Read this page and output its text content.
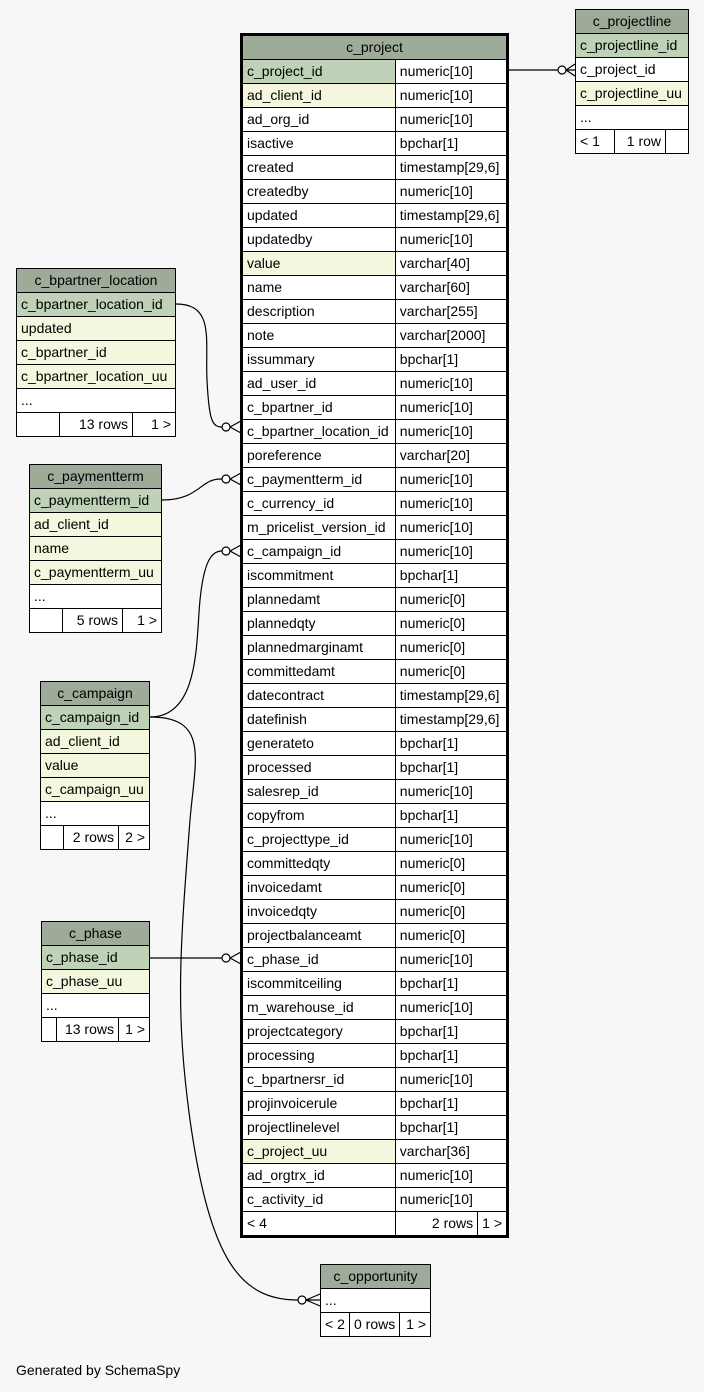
c_projectline
c_projectline_id
c_project_id
c_projectline_uu
...
< 1	1 row	
c_project		
c_project_id	numeric[10]	
ad_client_id	numeric[10]	
ad_org_id	numeric[10]	
isactive	bpchar[1]	
created	timestamp[29,6]	
createdby	numeric[10]	
updated	timestamp[29,6]	
updatedby	numeric[10]	
value	varchar[40]	
name	varchar[60]	
description	varchar[255]	
note	varchar[2000]	
issummary	bpchar[1]	
ad_user_id	numeric[10]	
c_bpartner_id	numeric[10]	
c_bpartner_location_id	numeric[10]	
poreference	varchar[20]	
c_paymentterm_id	numeric[10]	
c_currency_id	numeric[10]	
m_pricelist_version_id	numeric[10]	
c_campaign_id	numeric[10]	
iscommitment	bpchar[1]	
plannedamt	numeric[0]	
plannedqty	numeric[0]	
plannedmarginamt	numeric[0]	
committedamt	numeric[0]	
datecontract	timestamp[29,6]	
datefinish	timestamp[29,6]	
generateto	bpchar[1]	
processed	bpchar[1]	
salesrep_id	numeric[10]	
copyfrom	bpchar[1]	
c_projecttype_id	numeric[10]	
committedqty	numeric[0]	
invoicedamt	numeric[0]	
invoicedqty	numeric[0]	
projectbalanceamt	numeric[0]	
c_phase_id	numeric[10]	
iscommitceiling	bpchar[1]	
m_warehouse_id	numeric[10]	
projectcategory	bpchar[1]	
processing	bpchar[1]	
c_bpartnersr_id	numeric[10]	
projinvoicerule	bpchar[1]	
projectlinelevel	bpchar[1]	
c_project_uu	varchar[36]	
ad_orgtrx_id	numeric[10]	
c_activity_id	numeric[10]	
< 4	2 rows	1 >
c_bpartner_location
c_bpartner_location_id
updated
c_bpartner_id
c_bpartner_location_uu
...
	13 rows	1 >
c_paymentterm
c_paymentterm_id
ad_client_id
name
c_paymentterm_uu
...
	5 rows	1 >
c_campaign
c_campaign_id
ad_client_id
value
c_campaign_uu
...
	2 rows	2 >
c_phase
c_phase_id
c_phase_uu
...
	13 rows	1 >
c_opportunity
...
< 2	0 rows	1 >
Generated by SchemaSpy
